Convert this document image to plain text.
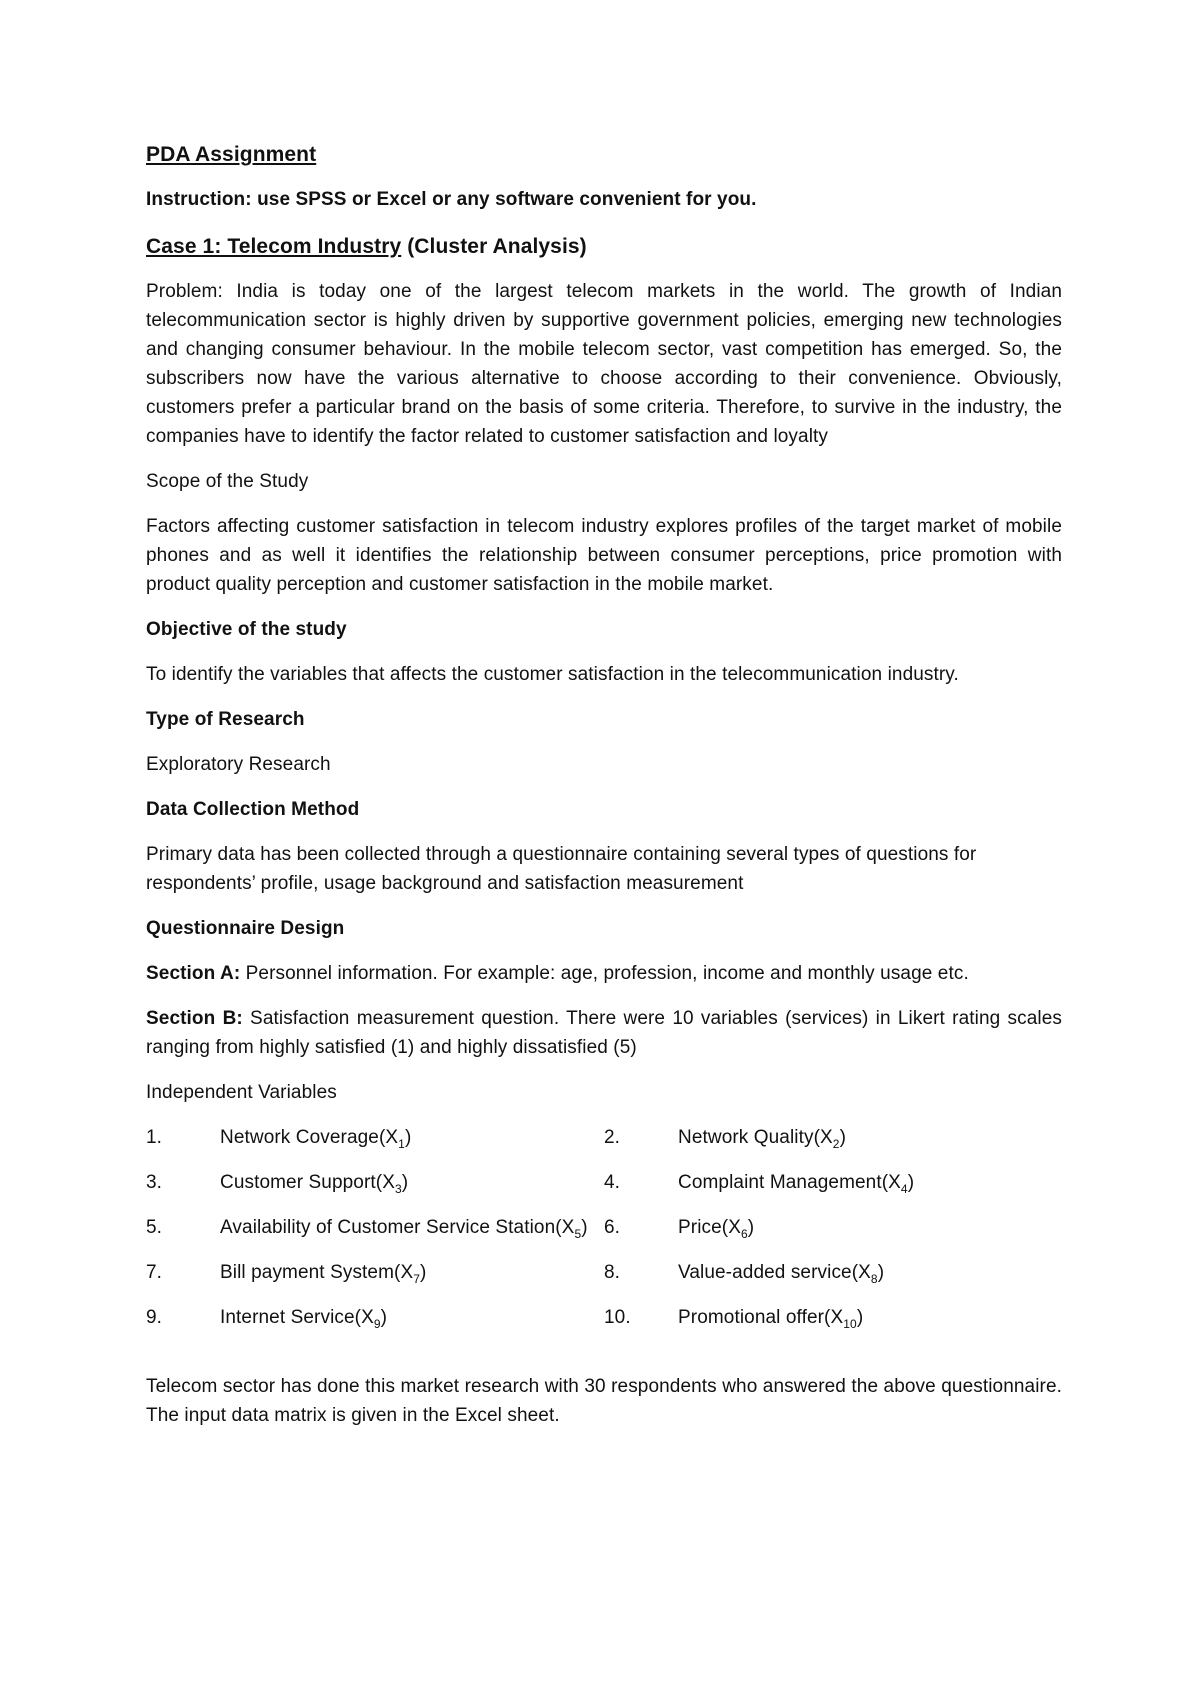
PDA Assignment
Instruction: use SPSS or Excel or any software convenient for you.
Case 1: Telecom Industry (Cluster Analysis)

Problem: India is today one of the largest telecom markets in the world. The growth of Indian telecommunication sector is highly driven by supportive government policies, emerging new technologies and changing consumer behaviour. In the mobile telecom sector, vast competition has emerged. So, the subscribers now have the various alternative to choose according to their convenience. Obviously, customers prefer a particular brand on the basis of some criteria. Therefore, to survive in the industry, the companies have to identify the factor related to customer satisfaction and loyalty

Scope of the Study

Factors affecting customer satisfaction in telecom industry explores profiles of the target market of mobile phones and as well it identifies the relationship between consumer perceptions, price promotion with product quality perception and customer satisfaction in the mobile market.

Objective of the study

To identify the variables that affects the customer satisfaction in the telecommunication industry.

Type of Research

Exploratory Research

Data Collection Method

Primary data has been collected through a questionnaire containing several types of questions for respondents’ profile, usage background and satisfaction measurement

Questionnaire Design

Section A: Personnel information. For example: age, profession, income and monthly usage etc.

Section B: Satisfaction measurement question. There were 10 variables (services) in Likert rating scales ranging from highly satisfied (1) and highly dissatisfied (5)

Independent Variables

1.	Network $Coverage(X_1)$	2.	Network $Quality(X_2)$
3.	Customer $Support(X_3)$	4.	Complaint $Management(X_4)$
5.	Availability of Customer Service $Station(X_5)$ 6.	$Price(X_6)$
7.	Bill payment $System(X_7)$	8.	Value-added $service(X_8)$
9.	Internet $Service(X_9)$	10.	Promotional $offer(X_{10})$

Telecom sector has done this market research with 30 respondents who answered the above questionnaire. The input data matrix is given in the Excel sheet.
